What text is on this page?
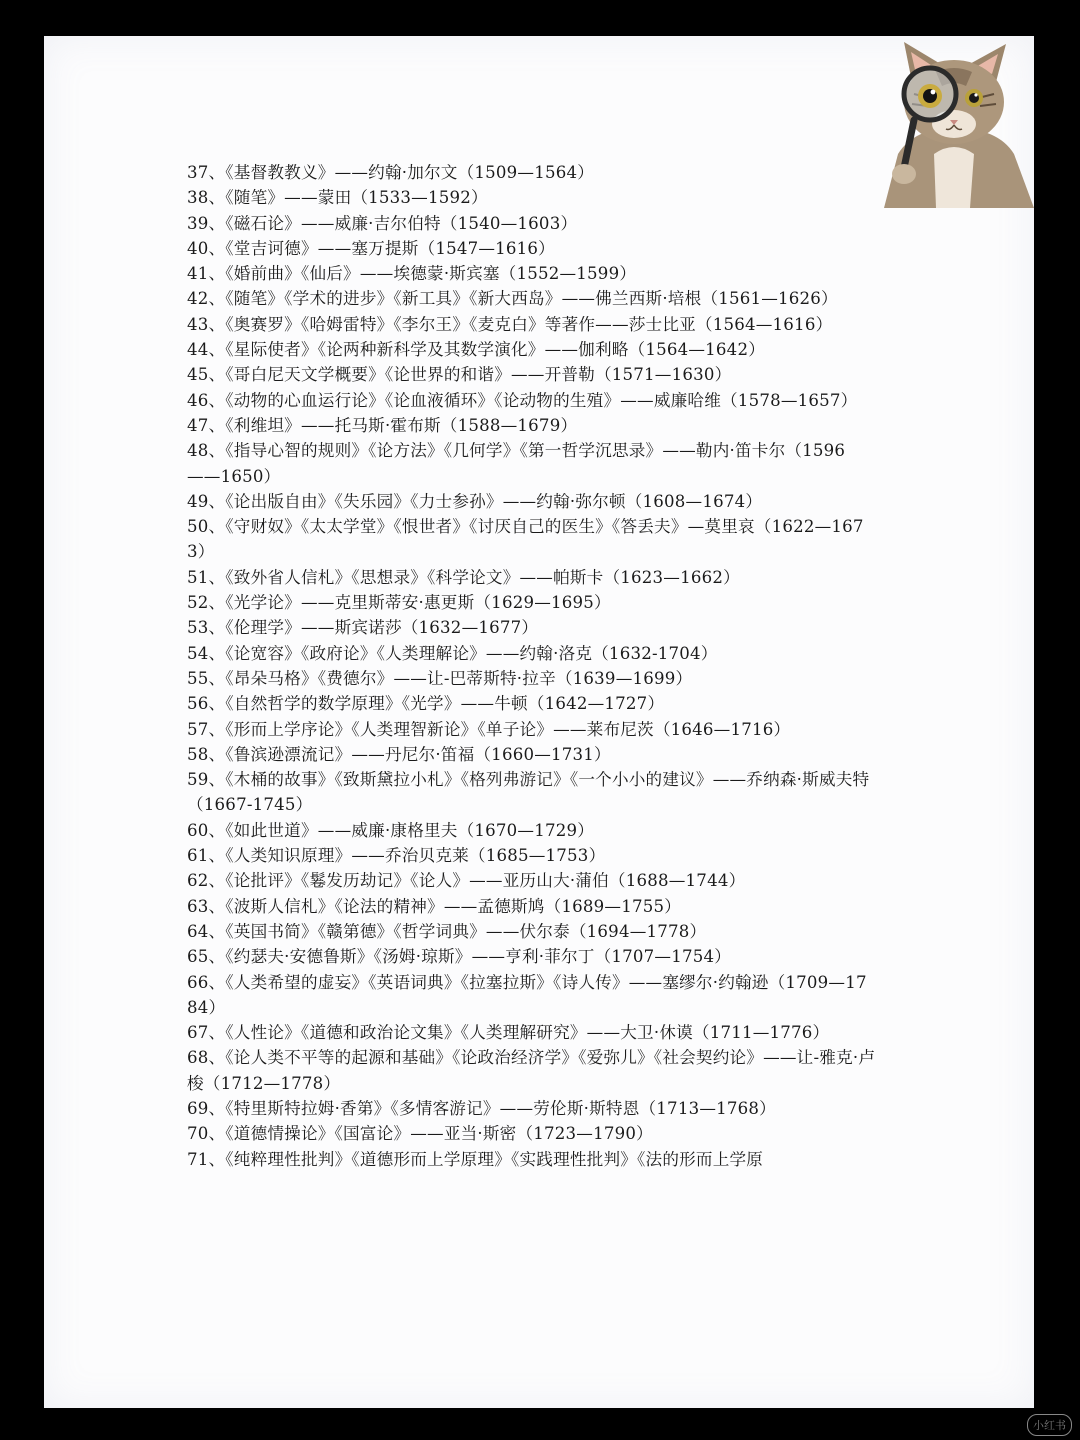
37、《基督教教义》——约翰·加尔文（1509—1564）
38、《随笔》——蒙田（1533—1592）
39、《磁石论》——威廉·吉尔伯特（1540—1603）
40、《堂吉诃德》——塞万提斯（1547—1616）
41、《婚前曲》《仙后》——埃德蒙·斯宾塞（1552—1599）
42、《随笔》《学术的进步》《新工具》《新大西岛》——佛兰西斯·培根（1561—1626）
43、《奥赛罗》《哈姆雷特》《李尔王》《麦克白》等著作——莎士比亚（1564—1616）
44、《星际使者》《论两种新科学及其数学演化》——伽利略（1564—1642）
45、《哥白尼天文学概要》《论世界的和谐》——开普勒（1571—1630）
46、《动物的心血运行论》《论血液循环》《论动物的生殖》——威廉哈维（1578—1657）
47、《利维坦》——托马斯·霍布斯（1588—1679）
48、《指导心智的规则》《论方法》《几何学》《第一哲学沉思录》——勒内·笛卡尔（1596——1650）
49、《论出版自由》《失乐园》《力士参孙》——约翰·弥尔顿（1608—1674）
50、《守财奴》《太太学堂》《恨世者》《讨厌自己的医生》《答丢夫》—莫里哀（1622—1673）
51、《致外省人信札》《思想录》《科学论文》——帕斯卡（1623—1662）
52、《光学论》——克里斯蒂安·惠更斯（1629—1695）
53、《伦理学》——斯宾诺莎（1632—1677）
54、《论宽容》《政府论》《人类理解论》——约翰·洛克（1632-1704）
55、《昂朵马格》《费德尔》——让-巴蒂斯特·拉辛（1639—1699）
56、《自然哲学的数学原理》《光学》——牛顿（1642—1727）
57、《形而上学序论》《人类理智新论》《单子论》——莱布尼茨（1646—1716）
58、《鲁滨逊漂流记》——丹尼尔·笛福（1660—1731）
59、《木桶的故事》《致斯黛拉小札》《格列弗游记》《一个小小的建议》——乔纳森·斯威夫特（1667-1745）
60、《如此世道》——威廉·康格里夫（1670—1729）
61、《人类知识原理》——乔治贝克莱（1685—1753）
62、《论批评》《鬈发历劫记》《论人》——亚历山大·蒲伯（1688—1744）
63、《波斯人信札》《论法的精神》——孟德斯鸠（1689—1755）
64、《英国书简》《赣第德》《哲学词典》——伏尔泰（1694—1778）
65、《约瑟夫·安德鲁斯》《汤姆·琼斯》——亨利·菲尔丁（1707—1754）
66、《人类希望的虚妄》《英语词典》《拉塞拉斯》《诗人传》——塞缪尔·约翰逊（1709—1784）
67、《人性论》《道德和政治论文集》《人类理解研究》——大卫·休谟（1711—1776）
68、《论人类不平等的起源和基础》《论政治经济学》《爱弥儿》《社会契约论》——让-雅克·卢梭（1712—1778）
69、《特里斯特拉姆·香第》《多情客游记》——劳伦斯·斯特恩（1713—1768）
70、《道德情操论》《国富论》——亚当·斯密（1723—1790）
71、《纯粹理性批判》《道德形而上学原理》《实践理性批判》《法的形而上学原
小红书
